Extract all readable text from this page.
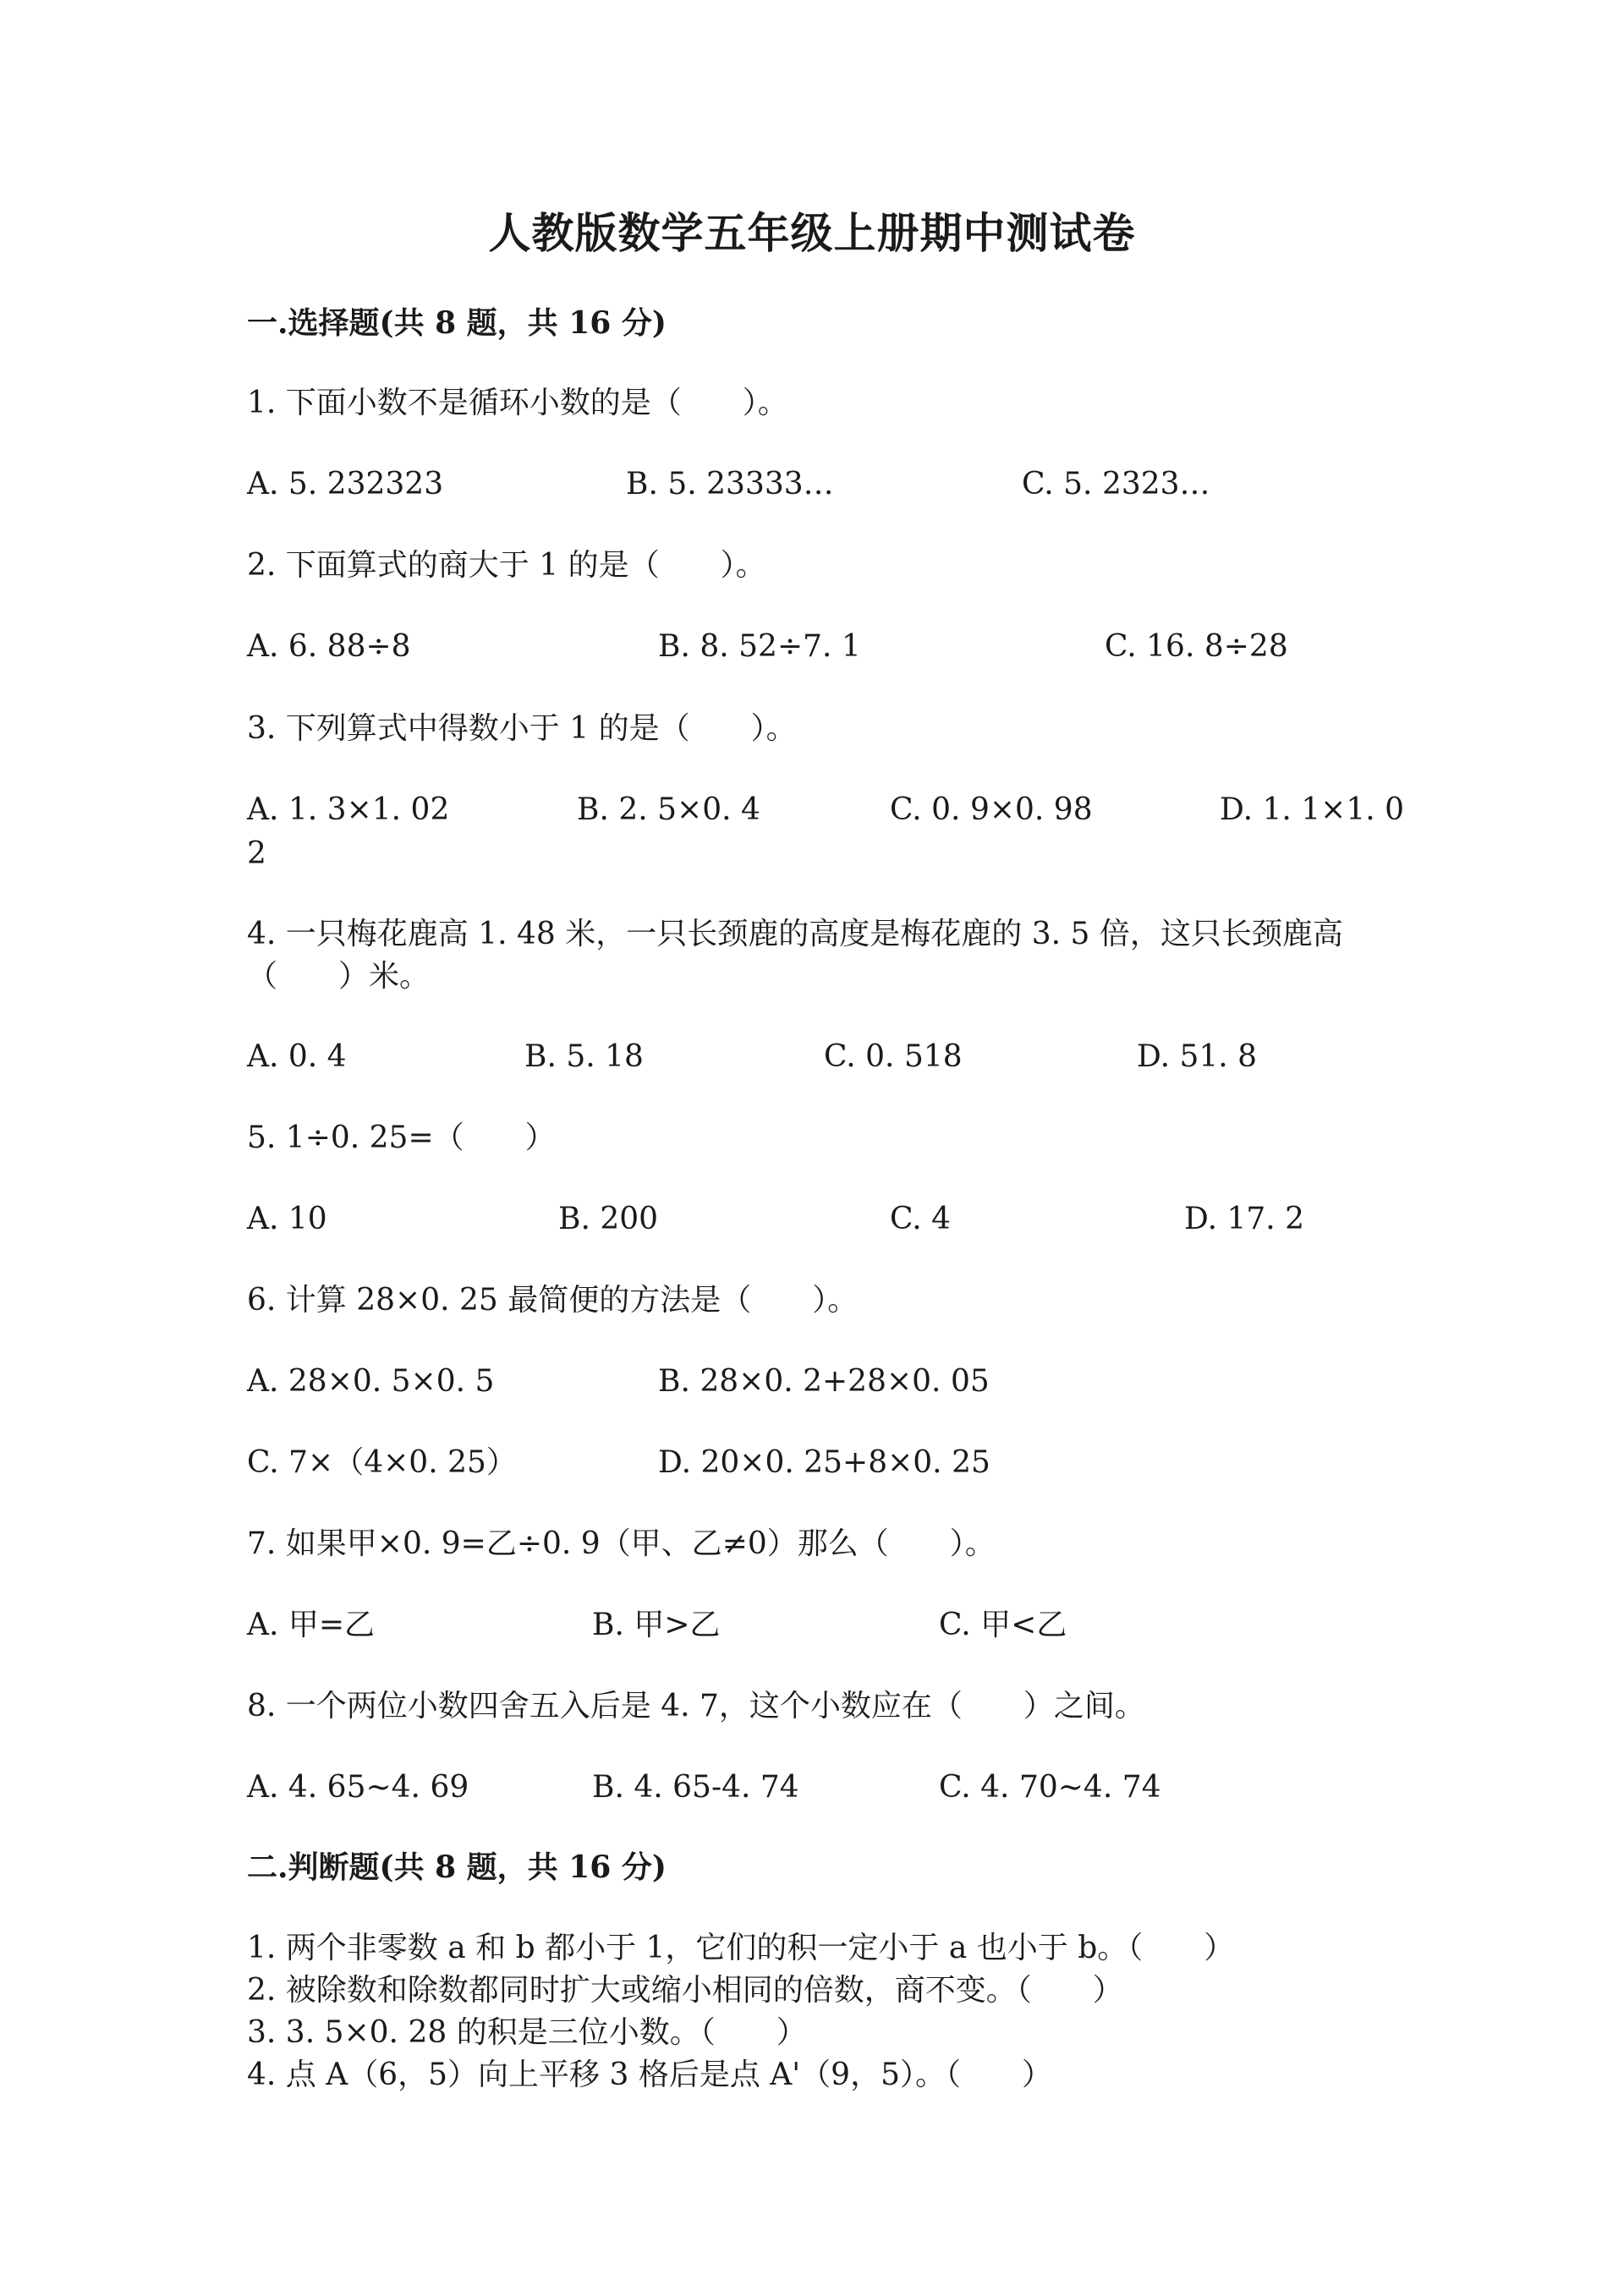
人教版数学五年级上册期中测试卷
一.选择题(共 8 题，共 16 分)
1. 下面小数不是循环小数的是（　　）。
A. 5. 232323	B. 5. 23333…	C. 5. 2323…
2. 下面算式的商大于 1 的是（　　）。
A. 6. 88÷8	B. 8. 52÷7. 1	C. 16. 8÷28
3. 下列算式中得数小于 1 的是（　　）。
A. 1. 3×1. 02	B. 2. 5×0. 4	C. 0. 9×0. 98	D. 1. 1×1. 0
2
4. 一只梅花鹿高 1. 48 米，一只长颈鹿的高度是梅花鹿的 3. 5 倍，这只长颈鹿高（　　）米。
A. 0. 4	B. 5. 18	C. 0. 518	D. 51. 8
5. 1÷0. 25=（　　）
A. 10	B. 200	C. 4	D. 17. 2
6. 计算 28×0. 25 最简便的方法是（　　）。
A. 28×0. 5×0. 5	B. 28×0. 2+28×0. 05
C. 7×（4×0. 25）	D. 20×0. 25+8×0. 25
7. 如果甲×0. 9=乙÷0. 9（甲、乙≠0）那么（　　）。
A. 甲=乙	B. 甲>乙	C. 甲<乙
8. 一个两位小数四舍五入后是 4. 7，这个小数应在（　　）之间。
A. 4. 65~4. 69	B. 4. 65-4. 74	C. 4. 70~4. 74
二.判断题(共 8 题，共 16 分)
1. 两个非零数 a 和 b 都小于 1，它们的积一定小于 a 也小于 b。（　　）
2. 被除数和除数都同时扩大或缩小相同的倍数，商不变。（　　）
3. 3. 5×0. 28 的积是三位小数。（　　）
4. 点 A（6，5）向上平移 3 格后是点 A'（9，5）。（　　）
